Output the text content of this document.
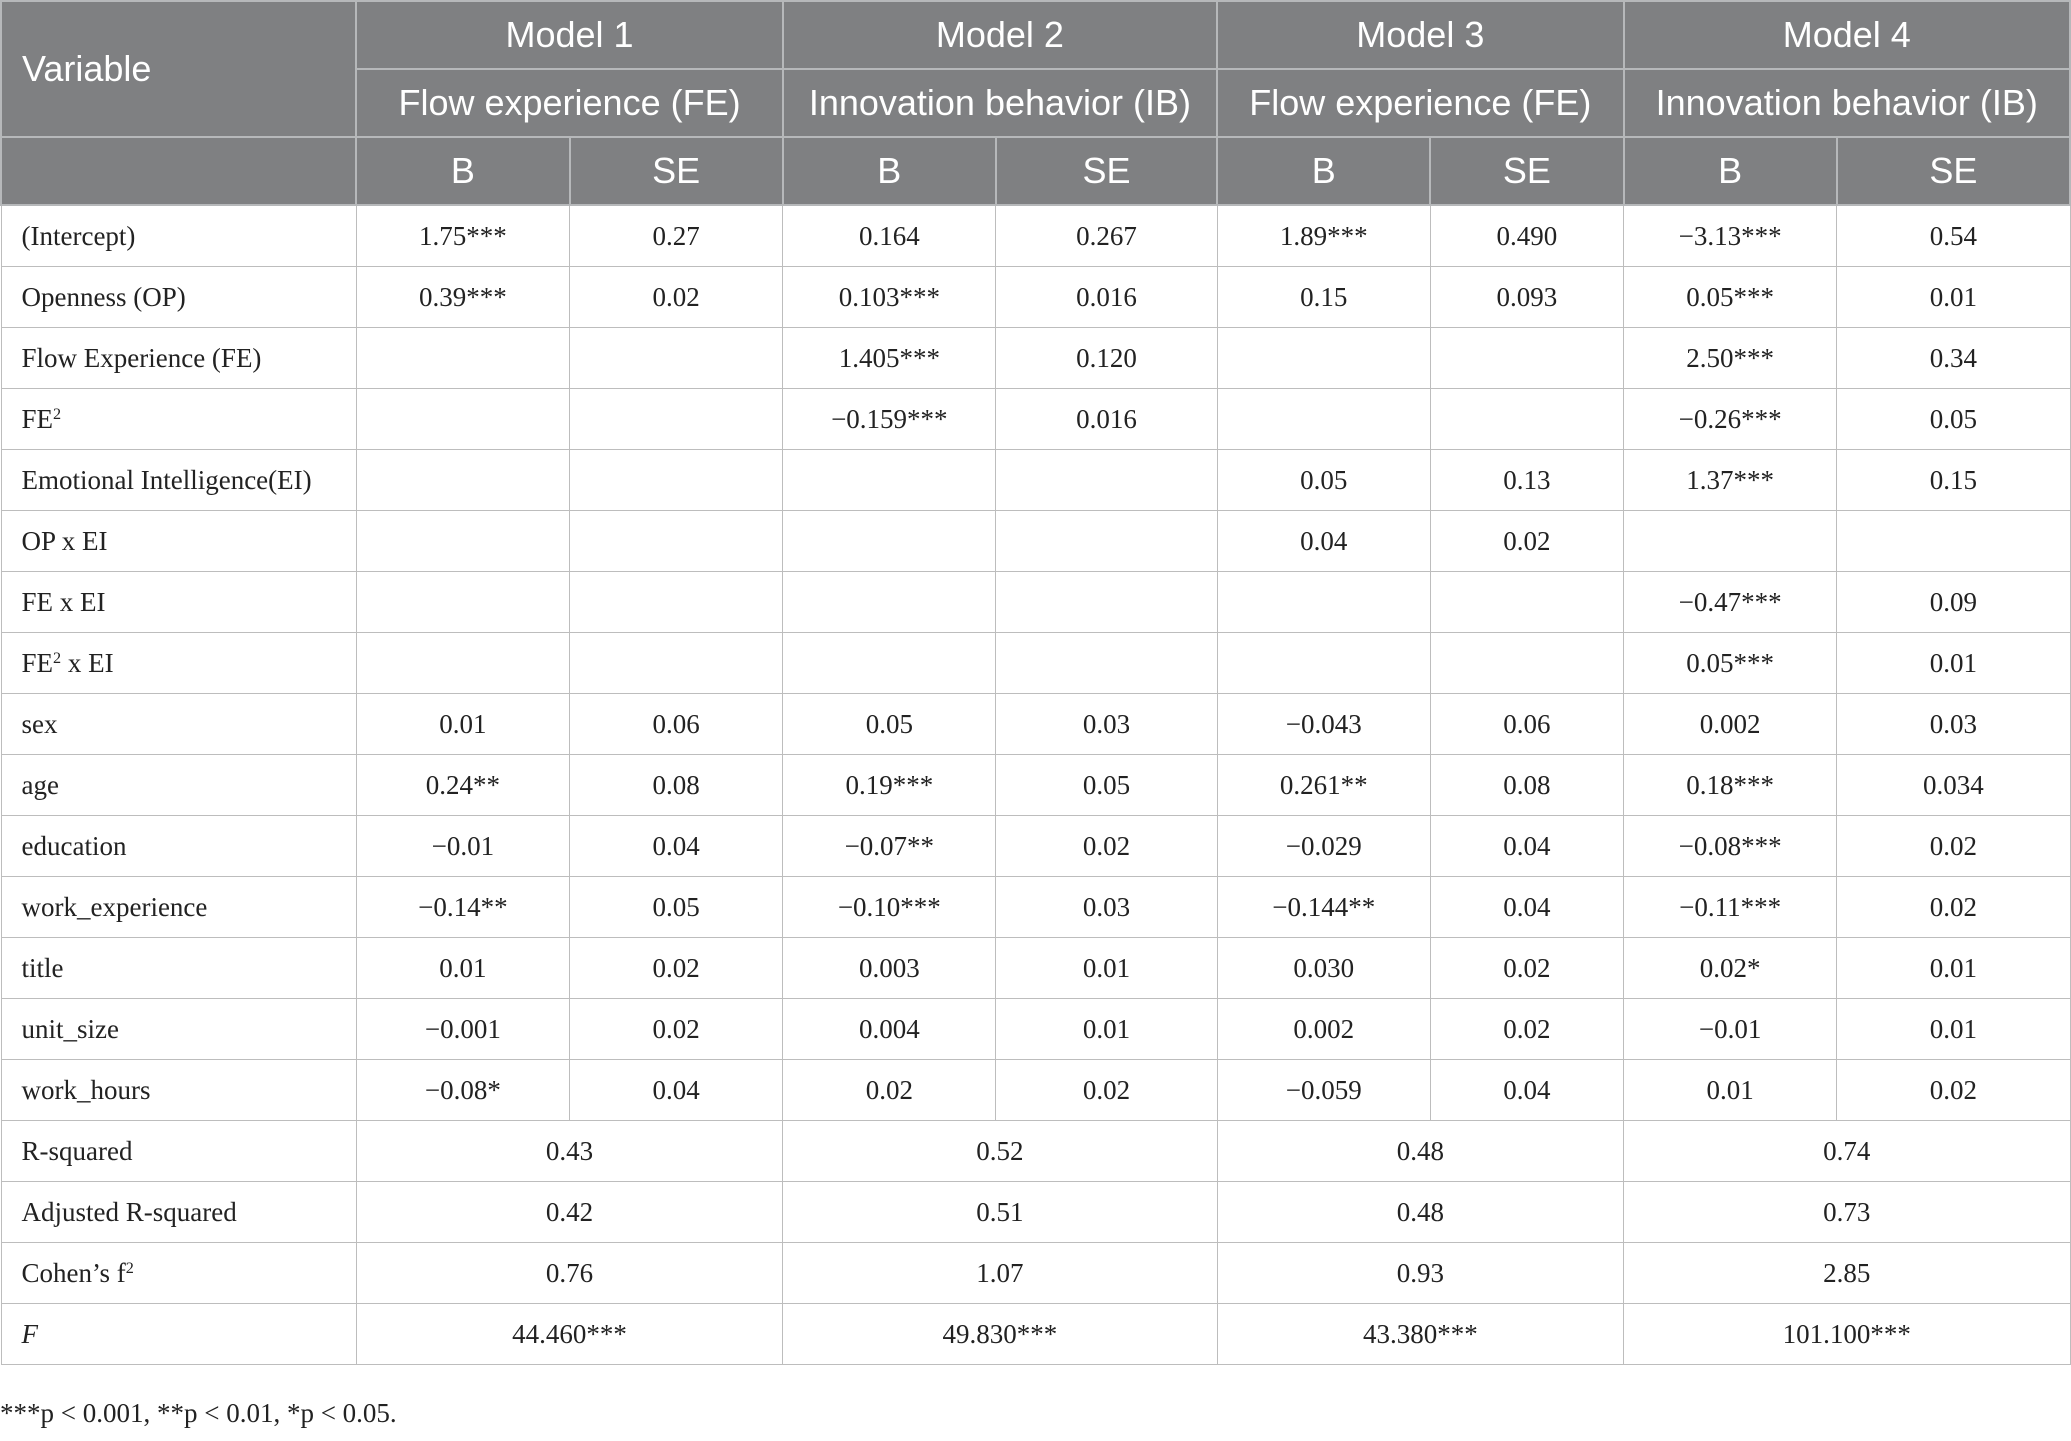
Variable	Model 1		Model 2		Model 3		Model 4	
	Flow experience (FE)		Innovation behavior (IB)		Flow experience (FE)		Innovation behavior (IB)	
	B	SE	B	SE	B	SE	B	SE
(Intercept)	1.75***	0.27	0.164	0.267	1.89***	0.490	−3.13***	0.54
Openness (OP)	0.39***	0.02	0.103***	0.016	0.15	0.093	0.05***	0.01
Flow Experience (FE)			1.405***	0.120			2.50***	0.34
$FE^2$			−0.159***	0.016			−0.26***	0.05
Emotional Intelligence(EI)					0.05	0.13	1.37***	0.15
OP x EI					0.04	0.02		
FE x EI							−0.47***	0.09
$FE^2$ x EI							0.05***	0.01
sex	0.01	0.06	0.05	0.03	−0.043	0.06	0.002	0.03
age	0.24**	0.08	0.19***	0.05	0.261**	0.08	0.18***	0.034
education	−0.01	0.04	−0.07**	0.02	−0.029	0.04	−0.08***	0.02
work_experience	−0.14**	0.05	−0.10***	0.03	−0.144**	0.04	−0.11***	0.02
title	0.01	0.02	0.003	0.01	0.030	0.02	0.02*	0.01
unit_size	−0.001	0.02	0.004	0.01	0.002	0.02	−0.01	0.01
work_hours	−0.08*	0.04	0.02	0.02	−0.059	0.04	0.01	0.02
R-squared	0.43		0.52		0.48		0.74	
Adjusted R-squared	0.42		0.51		0.48		0.73	
Cohen’s $f^2$	0.76		1.07		0.93		2.85	
F	44.460***		49.830***		43.380***		101.100***	
***p < 0.001, **p < 0.01, *p < 0.05.
